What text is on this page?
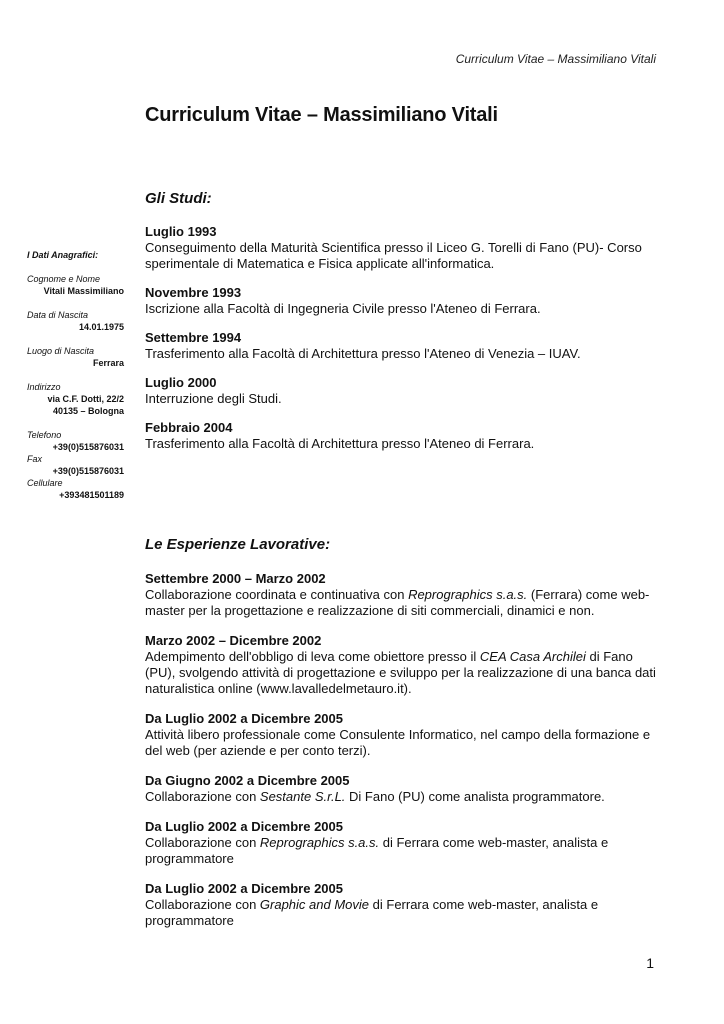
Curriculum Vitae – Massimiliano Vitali
Curriculum Vitae – Massimiliano Vitali
I Dati Anagrafici:
Cognome e Nome
Vitali Massimiliano
Data di Nascita
14.01.1975
Luogo di Nascita
Ferrara
Indirizzo
via C.F. Dotti, 22/2
40135 – Bologna
Telefono
+39(0)515876031
Fax
+39(0)515876031
Cellulare
+393481501189
Gli Studi:

Luglio 1993
Conseguimento della Maturità Scientifica presso il Liceo G. Torelli di Fano (PU)- Corso sperimentale di Matematica e Fisica applicate all'informatica.

Novembre 1993
Iscrizione alla Facoltà di Ingegneria Civile presso l'Ateneo di Ferrara.

Settembre 1994
Trasferimento alla Facoltà di Architettura presso l'Ateneo di Venezia – IUAV.

Luglio 2000
Interruzione degli Studi.

Febbraio 2004
Trasferimento alla Facoltà di Architettura presso l'Ateneo di Ferrara.

Le Esperienze Lavorative:

Settembre 2000 – Marzo 2002
Collaborazione coordinata e continuativa con Reprographics s.a.s. (Ferrara) come web-master per la progettazione e realizzazione di siti commerciali, dinamici e non.

Marzo 2002 – Dicembre 2002
Adempimento dell'obbligo di leva come obiettore presso il CEA Casa Archilei di Fano (PU), svolgendo attività di progettazione e sviluppo per la realizzazione di una banca dati naturalistica online (www.lavalledelmetauro.it).

Da Luglio 2002 a Dicembre 2005
Attività libero professionale come Consulente Informatico, nel campo della formazione e del web (per aziende e per conto terzi).

Da Giugno 2002 a Dicembre 2005
Collaborazione con Sestante S.r.L. Di Fano (PU) come analista programmatore.

Da Luglio 2002 a Dicembre 2005
Collaborazione con Reprographics s.a.s. di Ferrara come web-master, analista e programmatore

Da Luglio 2002 a Dicembre 2005
Collaborazione con Graphic and Movie di Ferrara come web-master, analista e programmatore

1
